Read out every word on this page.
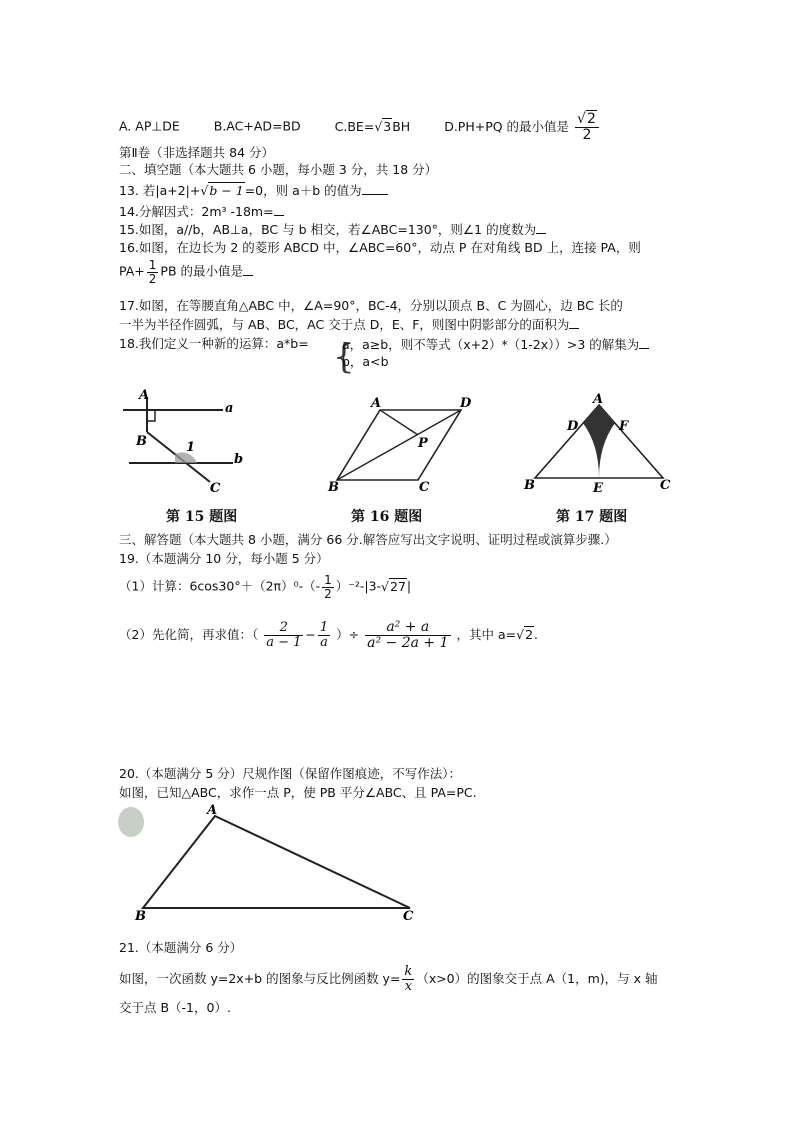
A. AP⊥DE	B.AC+AD=BD	C.BE=√3BH	D.PH+PQ 的最小值是 $\frac{√2}{2}$
第Ⅱ卷（非选择题共 84 分）
二、填空题（本大题共 6 小题，每小题 3 分，共 18 分）
13. 若|a+2|+√b − 1=0，则 a＋b 的值为
14.分解因式：2m³ -18m=
15.如图，a//b，AB⊥a，BC 与 b 相交，若∠ABC=130°，则∠1 的度数为
16.如图，在边长为 2 的菱形 ABCD 中，∠ABC=60°，动点 P 在对角线 BD 上，连接 PA，则
$PA+ \frac{1}{2}$ PB 的最小值是
17.如图，在等腰直角△ABC 中，∠A=90°，BC-4，分别以顶点 B、C 为圆心，边 BC 长的
一半为半径作圆弧，与 AB、BC，AC 交于点 D，E、F，则图中阴影部分的面积为
18.我们定义一种新的运算：a*b= {
a，a≥b，则不等式（x+2）*（1-2x））>3 的解集为
b，a<b
A
a
B	1
b
C
A	D
P
B	C
A
D	F
B	E	C
第 15 题图	第 16 题图	第 17 题图
三、解答题（本大题共 8 小题，满分 66 分.解答应写出文字说明、证明过程或演算步骤.）
19.（本题满分 10 分，每小题 5 分）
（1）计算：$6\cos 30^\circ+(2\pi)^0-(- \frac{1}{2} )^{-2}-|3-√27|$
（2）先化简，再求值：（ $\frac{2}{a - 1} - \frac{1}{a}$ ）÷ $\frac{\text{a² + a}}{\text{a² − 2a + 1}}$ ，其中 a=√2.
20.（本题满分 5 分）尺规作图（保留作图痕迹，不写作法）：
如图，已知△ABC，求作一点 P，使 PB 平分∠ABC、且 PA=PC.
A
B	C
21.（本题满分 6 分）
如图，一次函数 y=2x+b 的图象与反比例函数 $y= \frac{k}{x} (x>0)$的图象交于点 A（1，m)，与 x 轴
交于点 B（-1，0）.
